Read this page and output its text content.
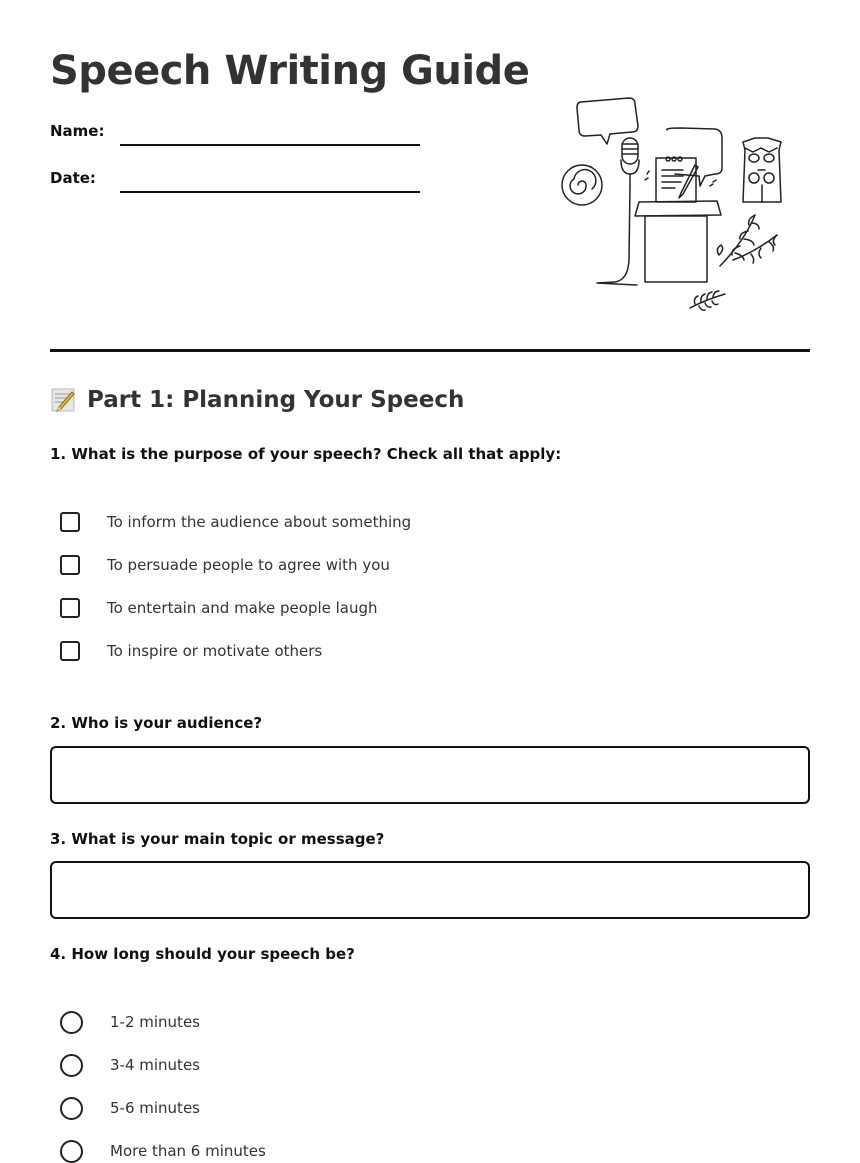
Speech Writing Guide
Name:
Date:
Part 1: Planning Your Speech
1. What is the purpose of your speech? Check all that apply:
To inform the audience about something
To persuade people to agree with you
To entertain and make people laugh
To inspire or motivate others
2. Who is your audience?
3. What is your main topic or message?
4. How long should your speech be?
1-2 minutes
3-4 minutes
5-6 minutes
More than 6 minutes
